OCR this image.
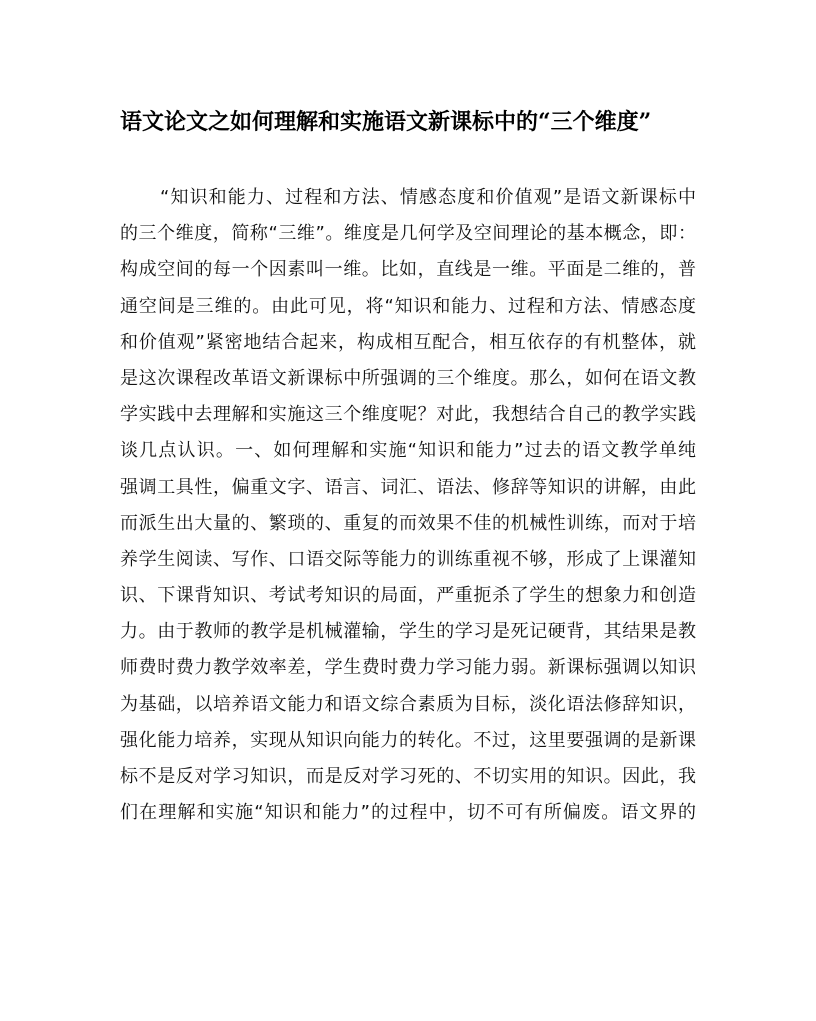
语文论文之如何理解和实施语文新课标中的“三个维度”
“知识和能力、过程和方法、情感态度和价值观”是语文新课标中
的三个维度，简称“三维”。维度是几何学及空间理论的基本概念，即：
构成空间的每一个因素叫一维。比如，直线是一维。平面是二维的，普
通空间是三维的。由此可见，将“知识和能力、过程和方法、情感态度
和价值观”紧密地结合起来，构成相互配合，相互依存的有机整体，就
是这次课程改革语文新课标中所强调的三个维度。那么，如何在语文教
学实践中去理解和实施这三个维度呢？对此，我想结合自己的教学实践
谈几点认识。一、如何理解和实施“知识和能力”过去的语文教学单纯
强调工具性，偏重文字、语言、词汇、语法、修辞等知识的讲解，由此
而派生出大量的、繁琐的、重复的而效果不佳的机械性训练，而对于培
养学生阅读、写作、口语交际等能力的训练重视不够，形成了上课灌知
识、下课背知识、考试考知识的局面，严重扼杀了学生的想象力和创造
力。由于教师的教学是机械灌输，学生的学习是死记硬背，其结果是教
师费时费力教学效率差，学生费时费力学习能力弱。新课标强调以知识
为基础，以培养语文能力和语文综合素质为目标，淡化语法修辞知识，
强化能力培养，实现从知识向能力的转化。不过，这里要强调的是新课
标不是反对学习知识，而是反对学习死的、不切实用的知识。因此，我
们在理解和实施“知识和能力”的过程中，切不可有所偏废。语文界的
